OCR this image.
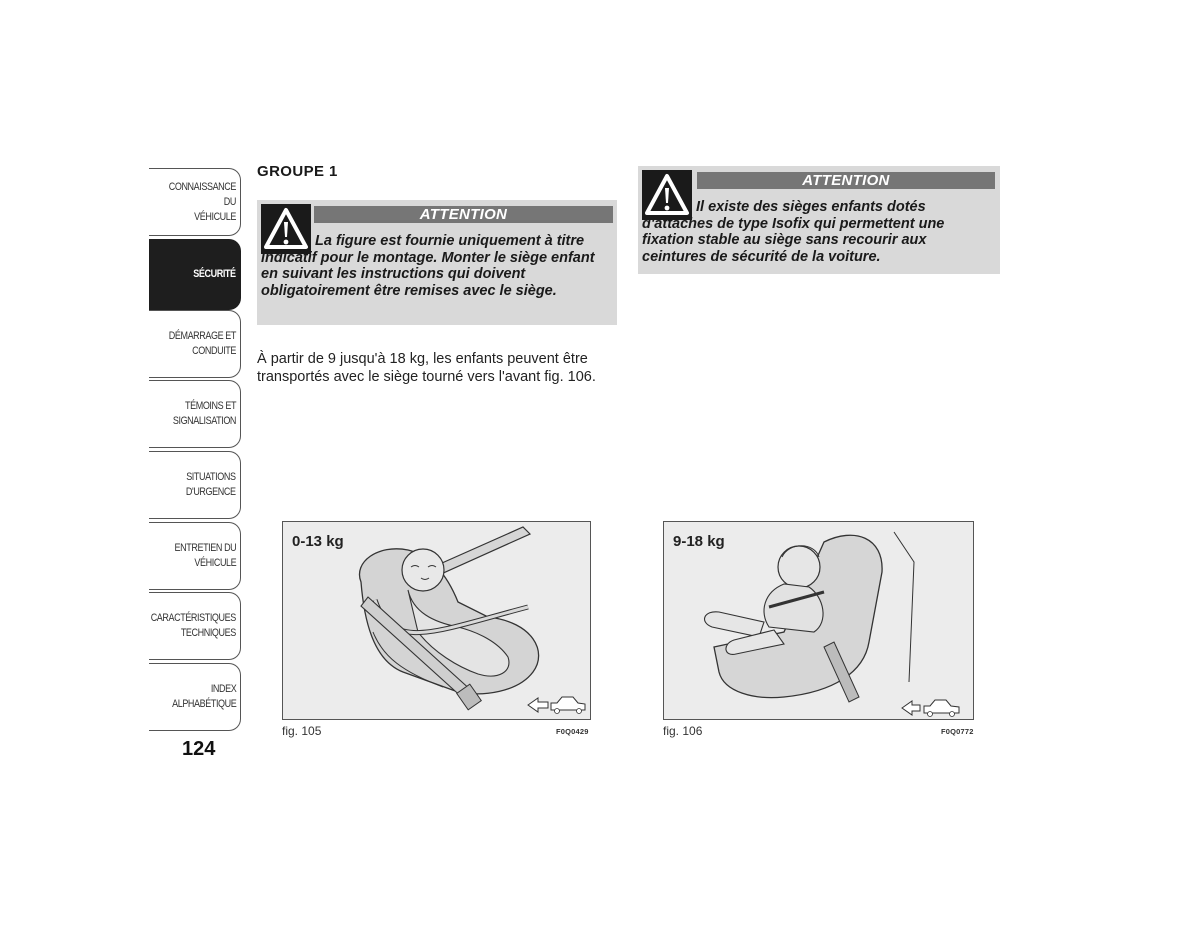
CONNAISSANCE DU
VÉHICULE
SÉCURITÉ
DÉMARRAGE ET
CONDUITE
TÉMOINS ET
SIGNALISATION
SITUATIONS
D'URGENCE
ENTRETIEN DU
VÉHICULE
CARACTÉRISTIQUES
TECHNIQUES
INDEX
ALPHABÉTIQUE
124
GROUPE 1
ATTENTION
La figure est fournie uniquement à titre indicatif pour le montage. Monter le siège enfant en suivant les instructions qui doivent obligatoirement être remises avec le siège.
ATTENTION
Il existe des sièges enfants dotés d'attaches de type Isofix qui permettent une fixation stable au siège sans recourir aux ceintures de sécurité de la voiture.
À partir de 9 jusqu'à 18 kg, les enfants peuvent être transportés avec le siège tourné vers l'avant fig. 106.
0-13 kg
fig. 105	F0Q0429
9-18 kg
fig. 106	F0Q0772
